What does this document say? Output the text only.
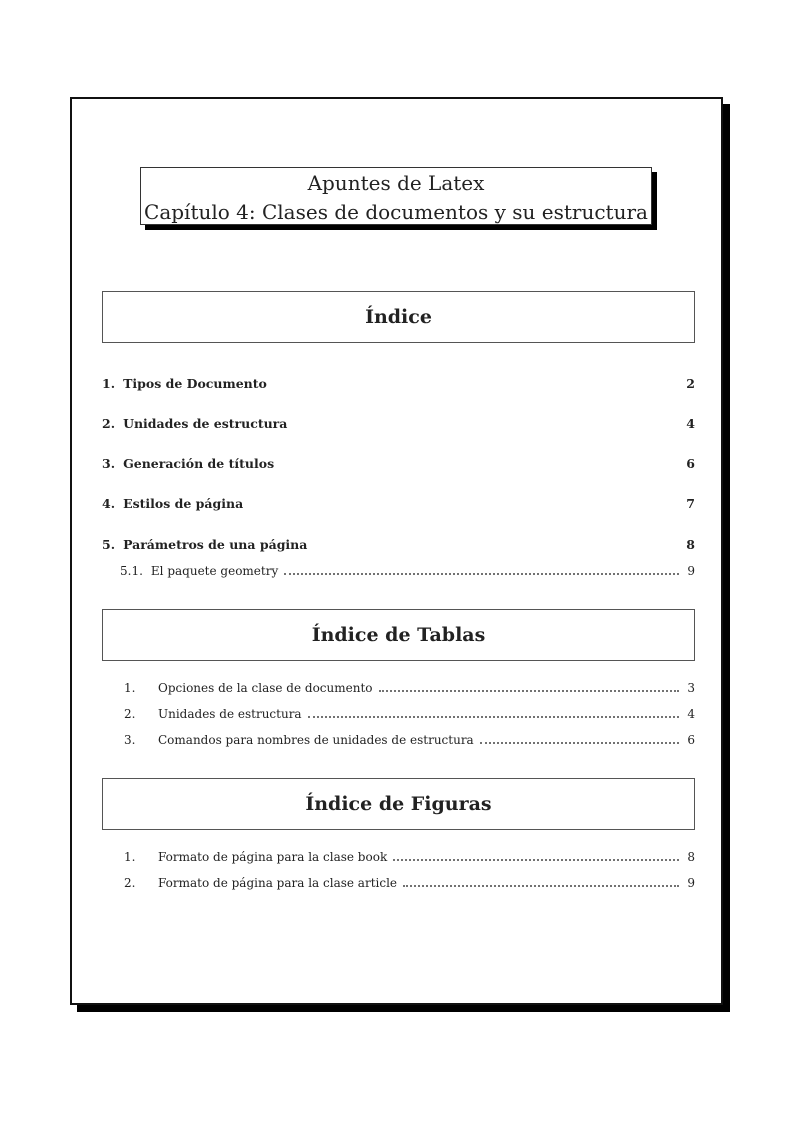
Apuntes de Latex
Capítulo 4: Clases de documentos y su estructura
Índice
1. Tipos de Documento	2
2. Unidades de estructura	4
3. Generación de títulos	6
4. Estilos de página	7
5. Parámetros de una página	8
5.1. El paquete geometry	9
Índice de Tablas
1.	Opciones de la clase de documento	3
2.	Unidades de estructura	4
3.	Comandos para nombres de unidades de estructura	6
Índice de Figuras
1.	Formato de página para la clase book	8
2.	Formato de página para la clase article	9
